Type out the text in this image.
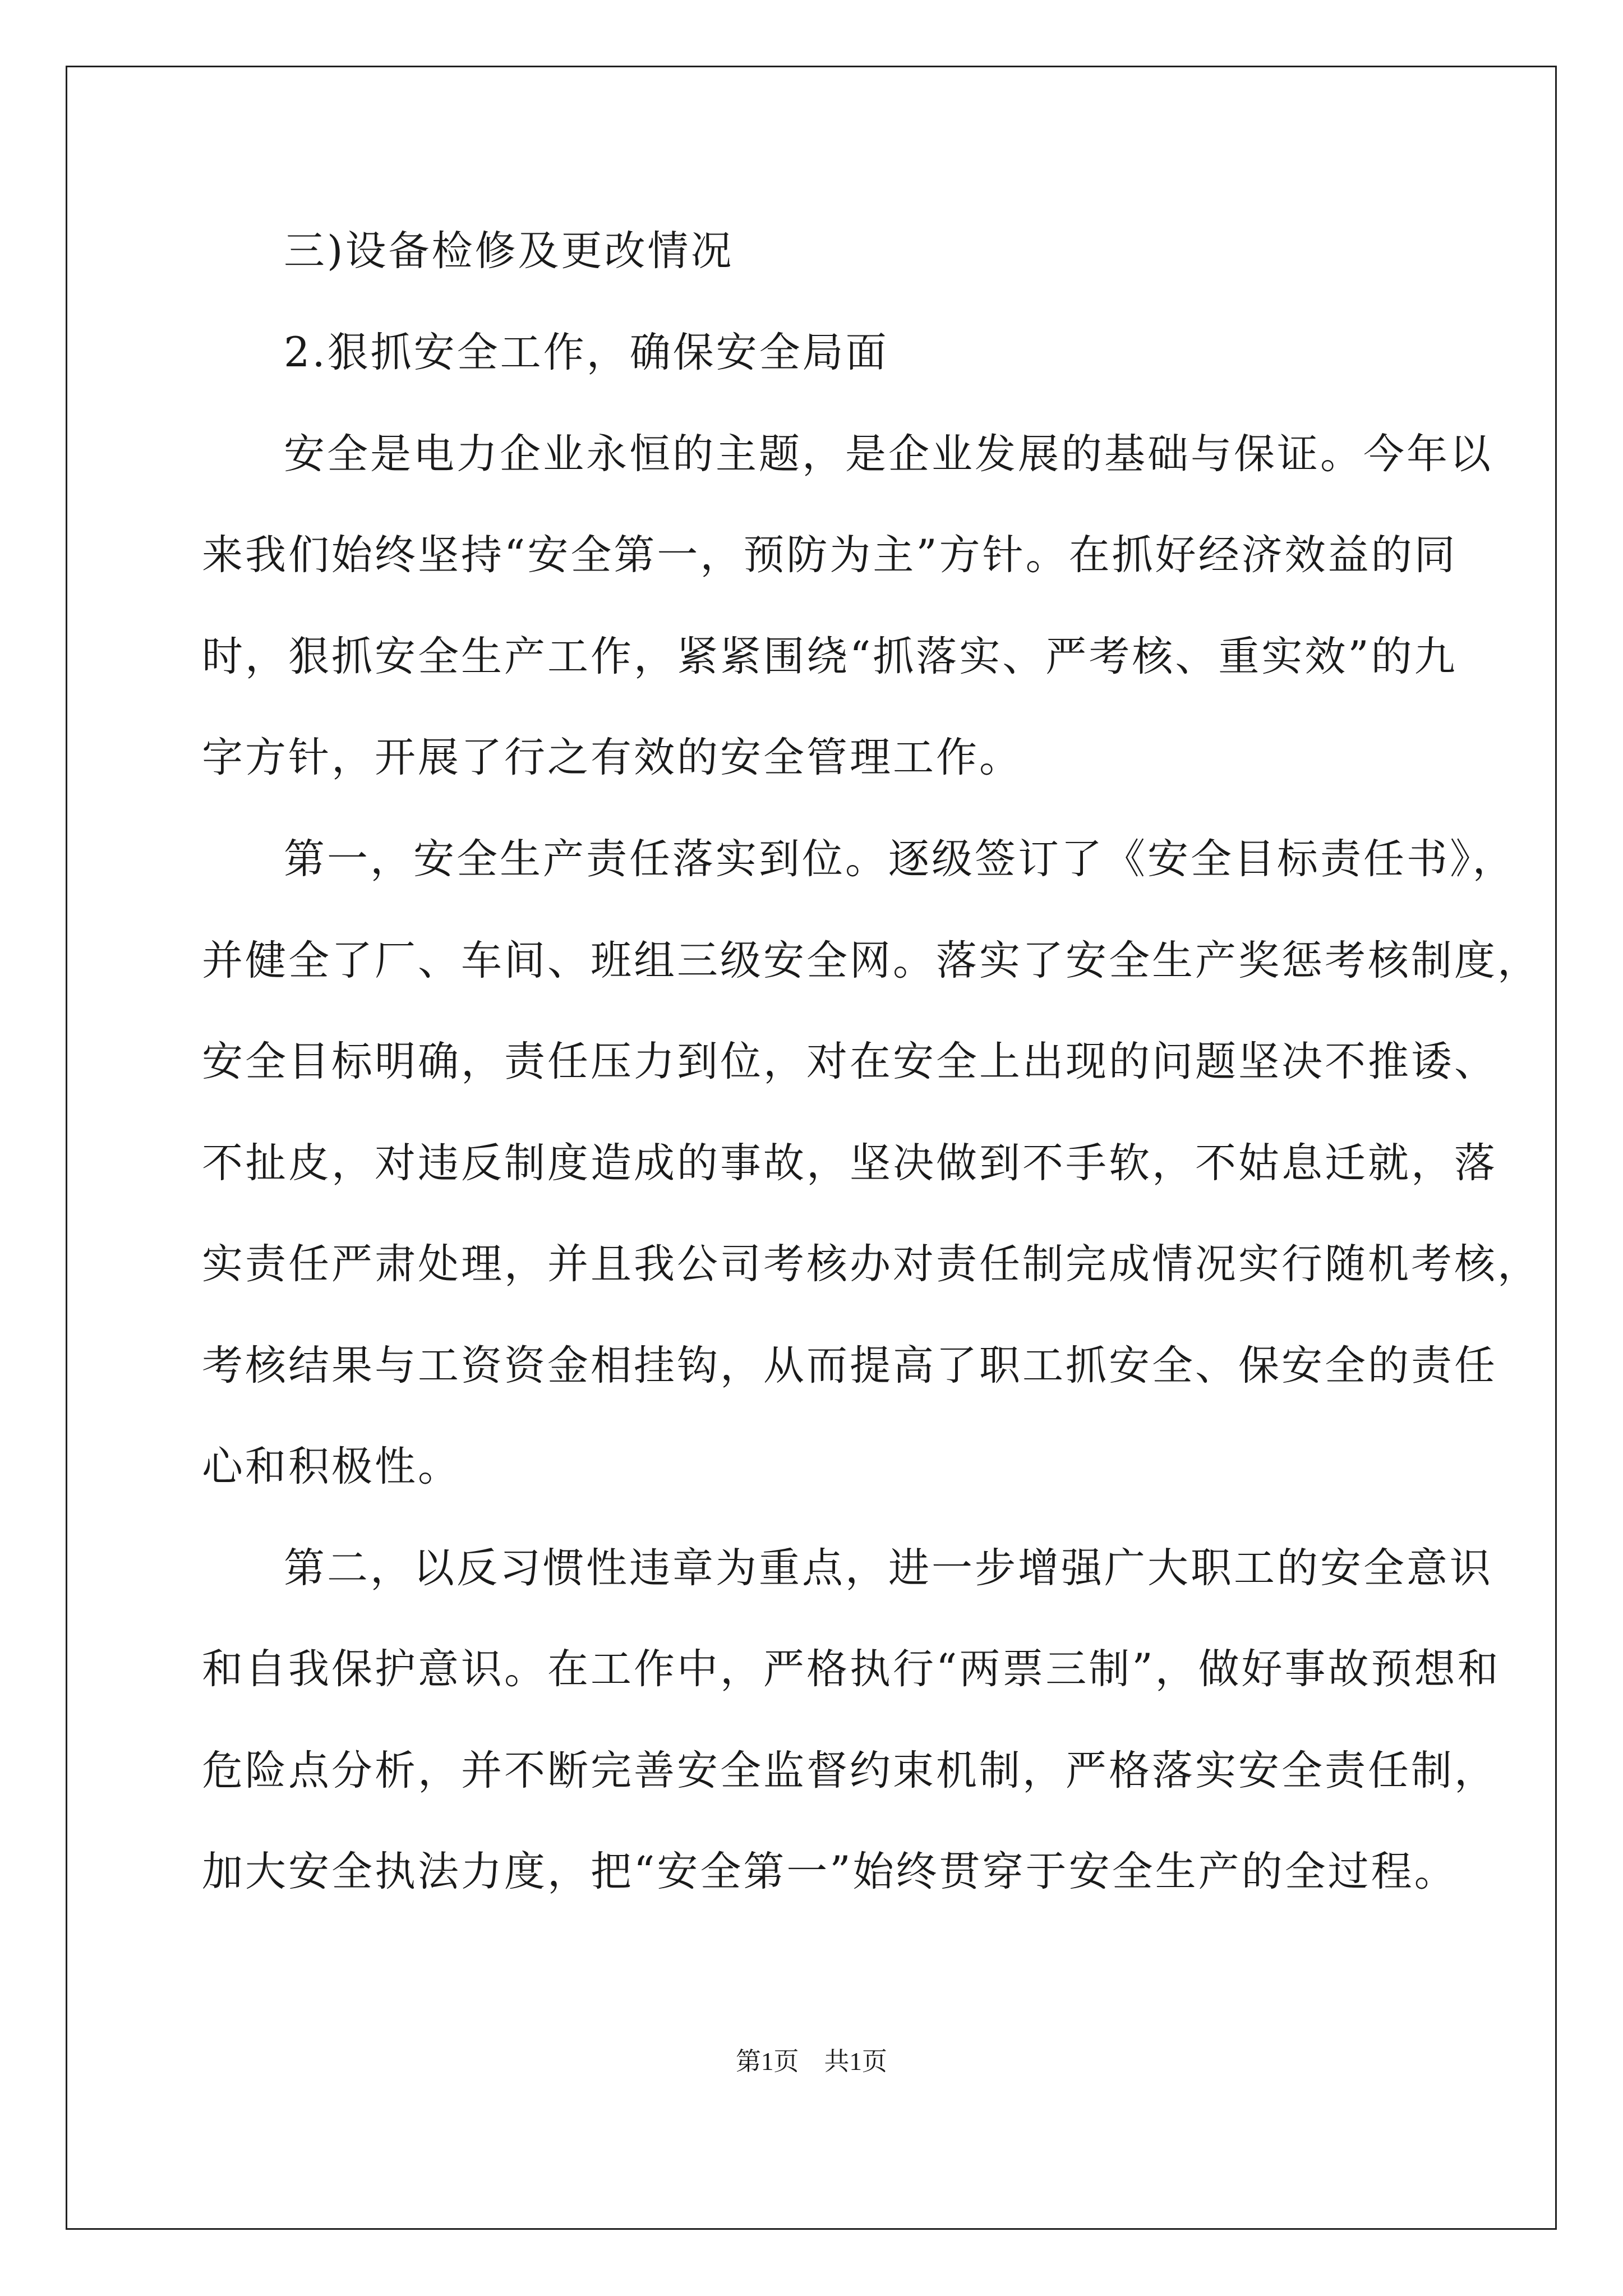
三)设备检修及更改情况
2.狠抓安全工作，确保安全局面
安全是电力企业永恒的主题，是企业发展的基础与保证。今年以
来我们始终坚持“安全第一，预防为主”方针。在抓好经济效益的同
时，狠抓安全生产工作，紧紧围绕“抓落实、严考核、重实效”的九
字方针，开展了行之有效的安全管理工作。
第一，安全生产责任落实到位。逐级签订了《安全目标责任书》，
并健全了厂、车间、班组三级安全网。落实了安全生产奖惩考核制度，
安全目标明确，责任压力到位，对在安全上出现的问题坚决不推诿、
不扯皮，对违反制度造成的事故，坚决做到不手软，不姑息迁就，落
实责任严肃处理，并且我公司考核办对责任制完成情况实行随机考核，
考核结果与工资资金相挂钩，从而提高了职工抓安全、保安全的责任
心和积极性。
第二，以反习惯性违章为重点，进一步增强广大职工的安全意识
和自我保护意识。在工作中，严格执行“两票三制”，做好事故预想和
危险点分析，并不断完善安全监督约束机制，严格落实安全责任制，
加大安全执法力度，把“安全第一”始终贯穿于安全生产的全过程。
第1页 共1页
